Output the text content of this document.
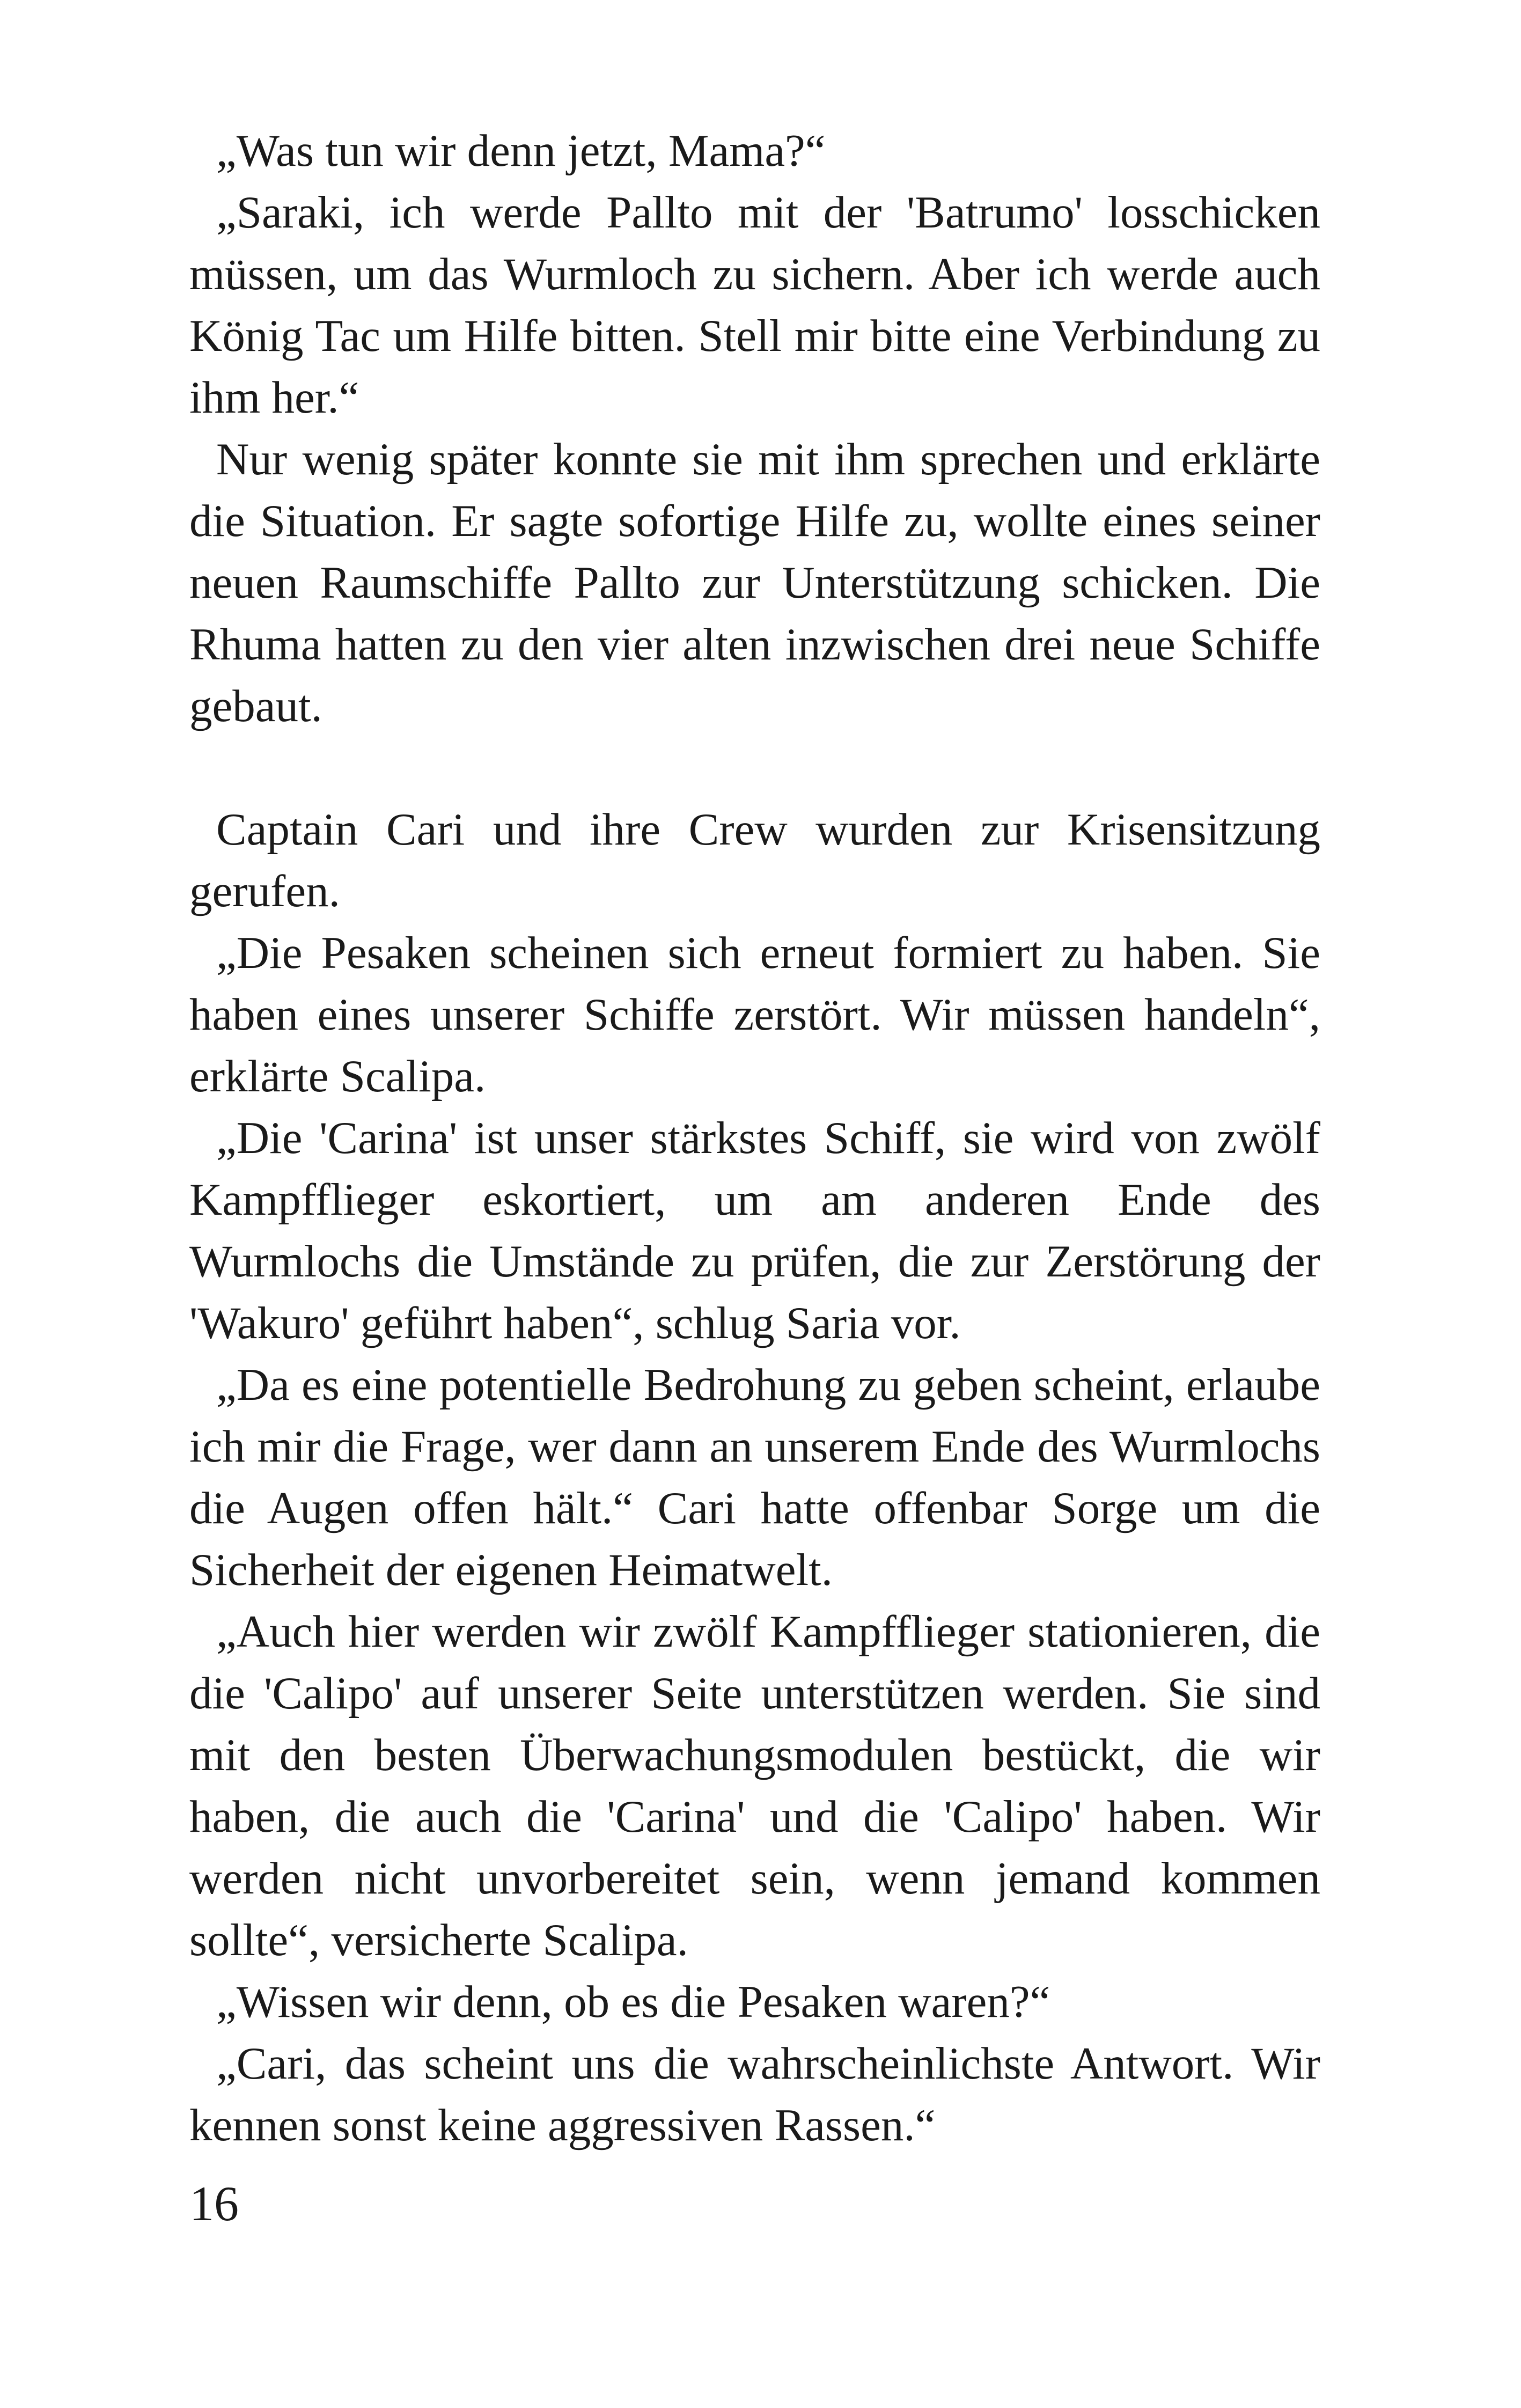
„Was tun wir denn jetzt, Mama?“

„Saraki, ich werde Pallto mit der 'Batrumo' losschicken müssen, um das Wurmloch zu sichern. Aber ich werde auch König Tac um Hilfe bitten. Stell mir bitte eine Verbindung zu ihm her.“

Nur wenig später konnte sie mit ihm sprechen und erklärte die Situation. Er sagte sofortige Hilfe zu, wollte eines seiner neuen Raumschiffe Pallto zur Unterstützung schicken. Die Rhuma hatten zu den vier alten inzwischen drei neue Schiffe gebaut.

Captain Cari und ihre Crew wurden zur Krisensitzung gerufen.

„Die Pesaken scheinen sich erneut formiert zu haben. Sie haben eines unserer Schiffe zerstört. Wir müssen handeln“, erklärte Scalipa.

„Die 'Carina' ist unser stärkstes Schiff, sie wird von zwölf Kampfflieger eskortiert, um am anderen Ende des Wurmlochs die Umstände zu prüfen, die zur Zerstörung der 'Wakuro' geführt haben“, schlug Saria vor.

„Da es eine potentielle Bedrohung zu geben scheint, erlaube ich mir die Frage, wer dann an unserem Ende des Wurmlochs die Augen offen hält.“ Cari hatte offenbar Sorge um die Sicherheit der eigenen Heimatwelt.

„Auch hier werden wir zwölf Kampfflieger stationieren, die die 'Calipo' auf unserer Seite unterstützen werden. Sie sind mit den besten Überwachungsmodulen bestückt, die wir haben, die auch die 'Carina' und die 'Calipo' haben. Wir werden nicht unvorbereitet sein, wenn jemand kommen sollte“, versicherte Scalipa.

„Wissen wir denn, ob es die Pesaken waren?“

„Cari, das scheint uns die wahrscheinlichste Antwort. Wir kennen sonst keine aggressiven Rassen.“

16
